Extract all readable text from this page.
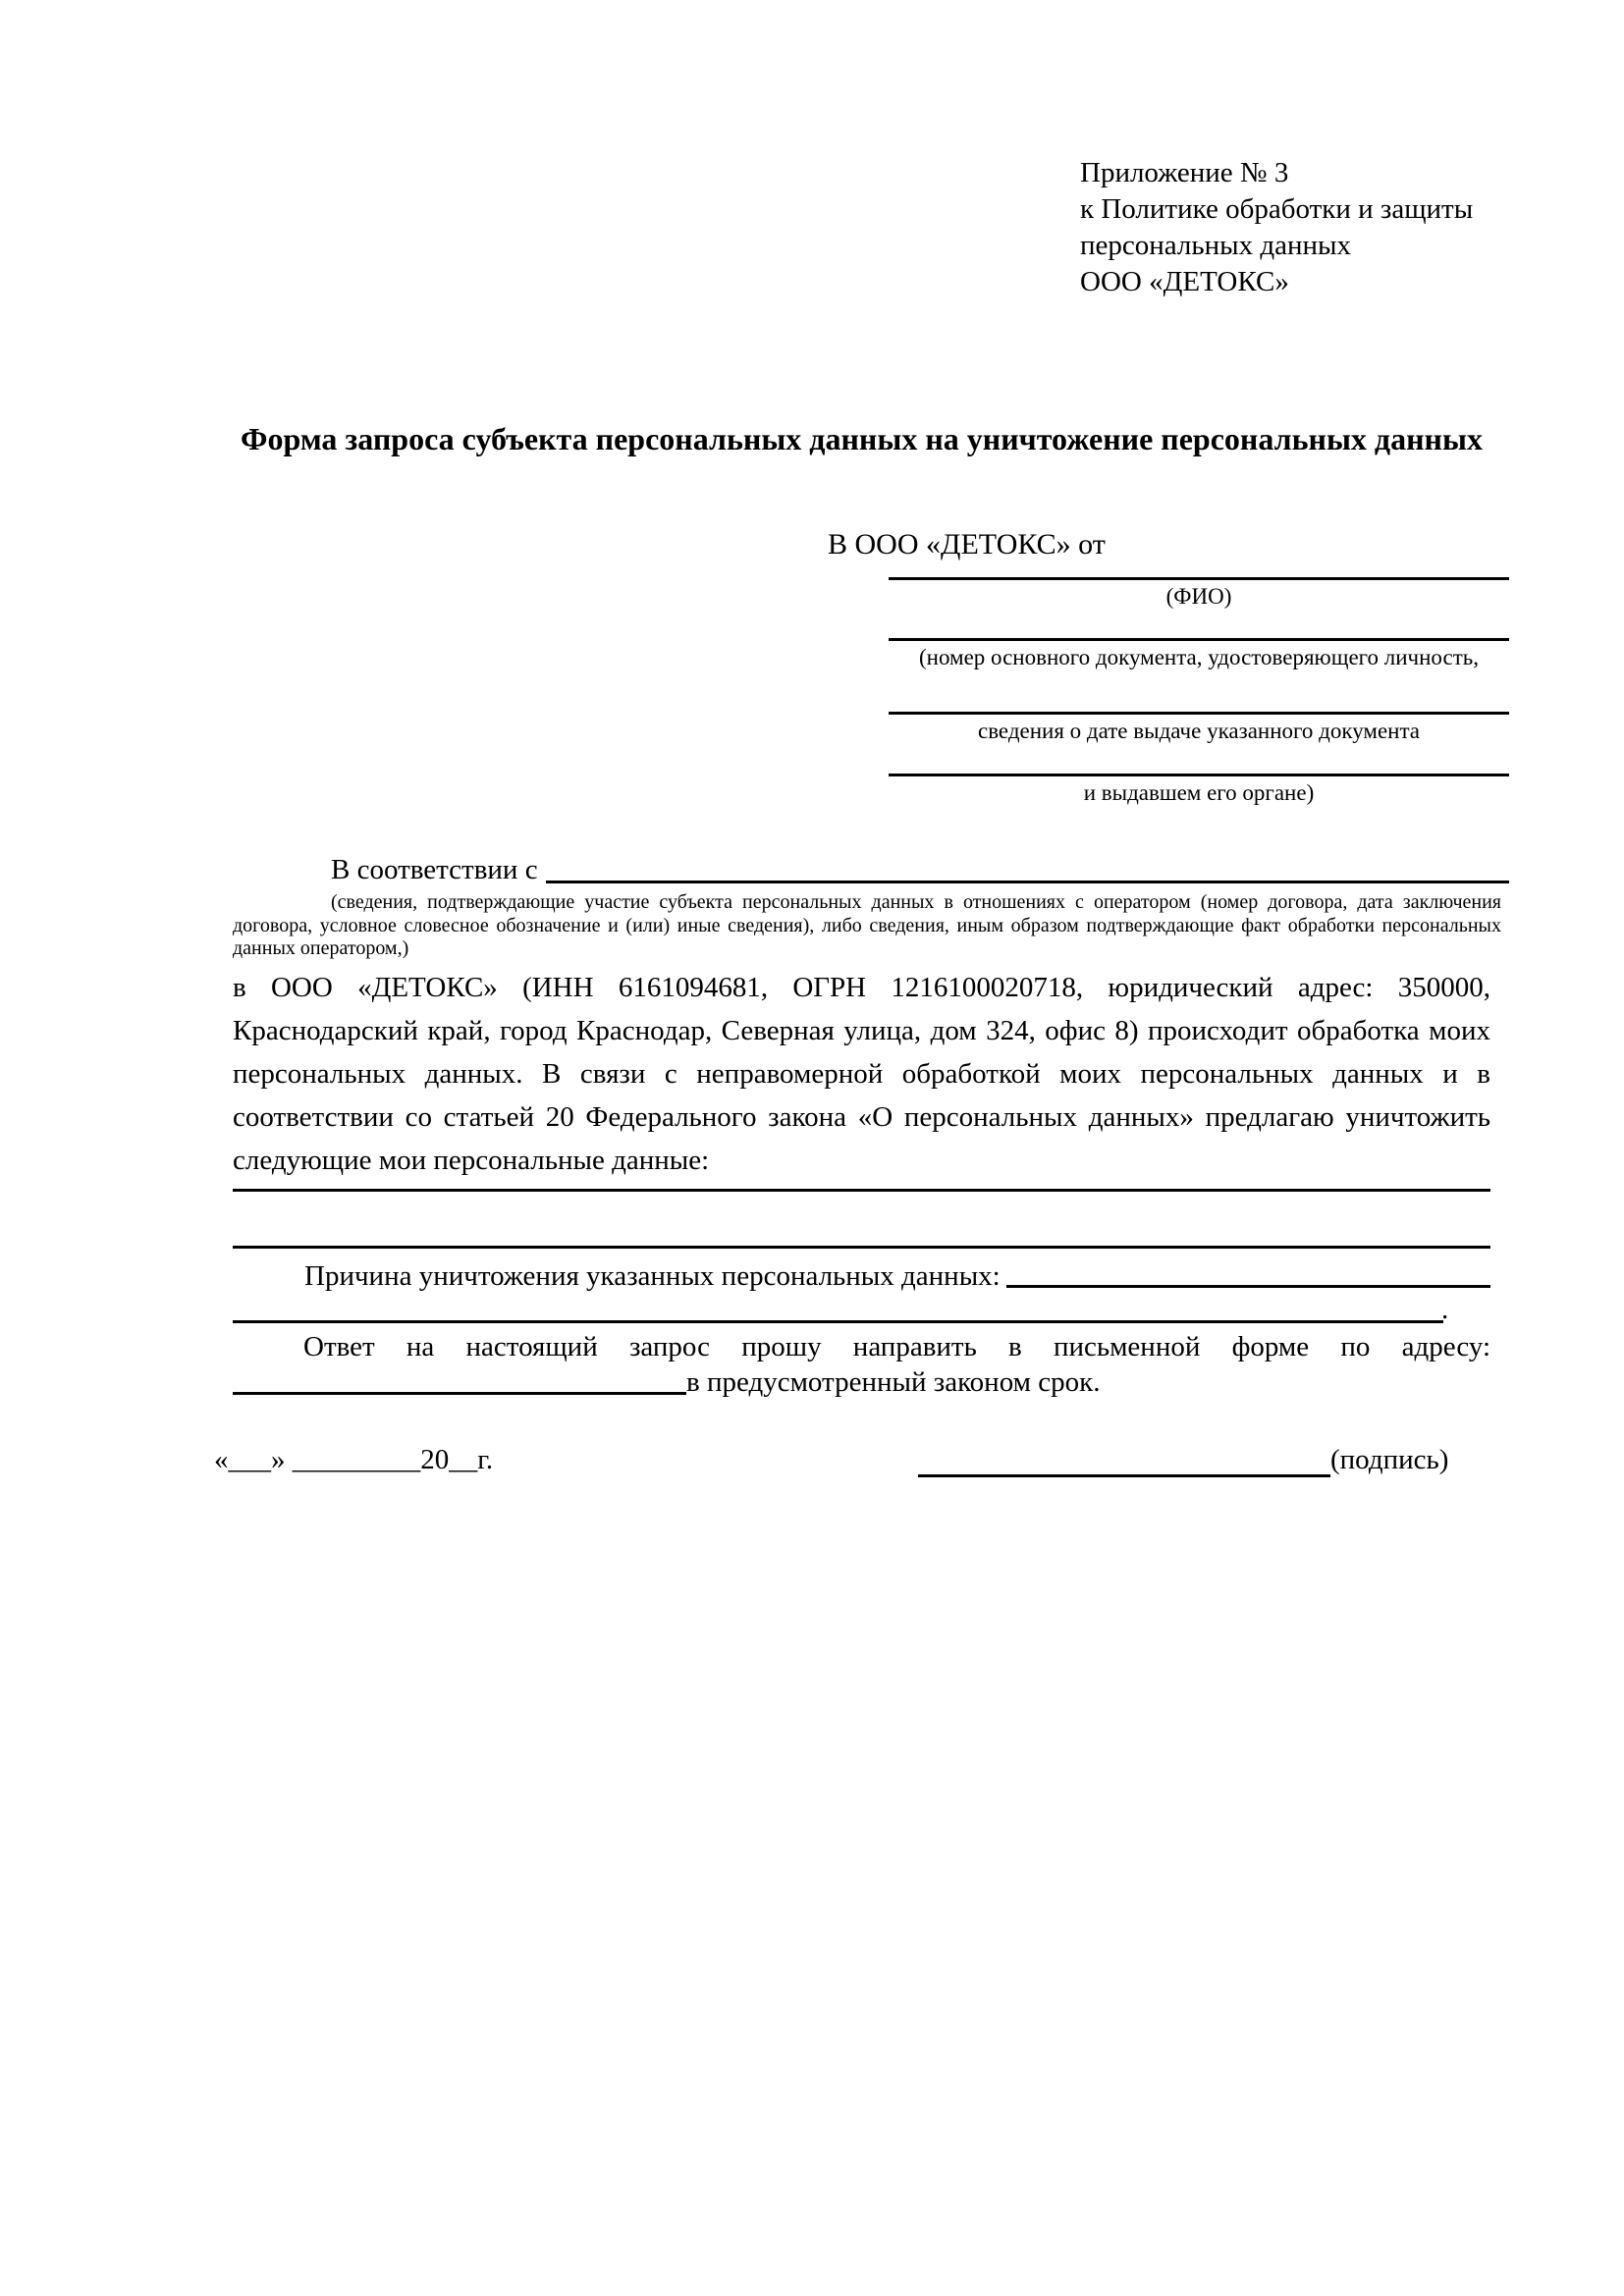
Приложение № 3
к Политике обработки и защиты
персональных данных
ООО «ДЕТОКС»
Форма запроса субъекта персональных данных на уничтожение персональных данных
В ООО «ДЕТОКС» от
(ФИО)
(номер основного документа, удостоверяющего личность,
сведения о дате выдаче указанного документа
и выдавшем его органе)
В соответствии с
(сведения, подтверждающие участие субъекта персональных данных в отношениях с оператором (номер договора, дата заключения договора, условное словесное обозначение и (или) иные сведения), либо сведения, иным образом подтверждающие факт обработки персональных данных оператором,)
в ООО «ДЕТОКС» (ИНН 6161094681, ОГРН 1216100020718, юридический адрес: 350000, Краснодарский край, город Краснодар, Северная улица, дом 324, офис 8) происходит обработка моих персональных данных. В связи с неправомерной обработкой моих персональных данных и в соответствии со статьей 20 Федерального закона «О персональных данных» предлагаю уничтожить следующие мои персональные данные:
Причина уничтожения указанных персональных данных:
.
Ответ на настоящий запрос прошу направить в письменной форме по адресу:
в предусмотренный законом срок.
«___» _________20__г.	(подпись)
